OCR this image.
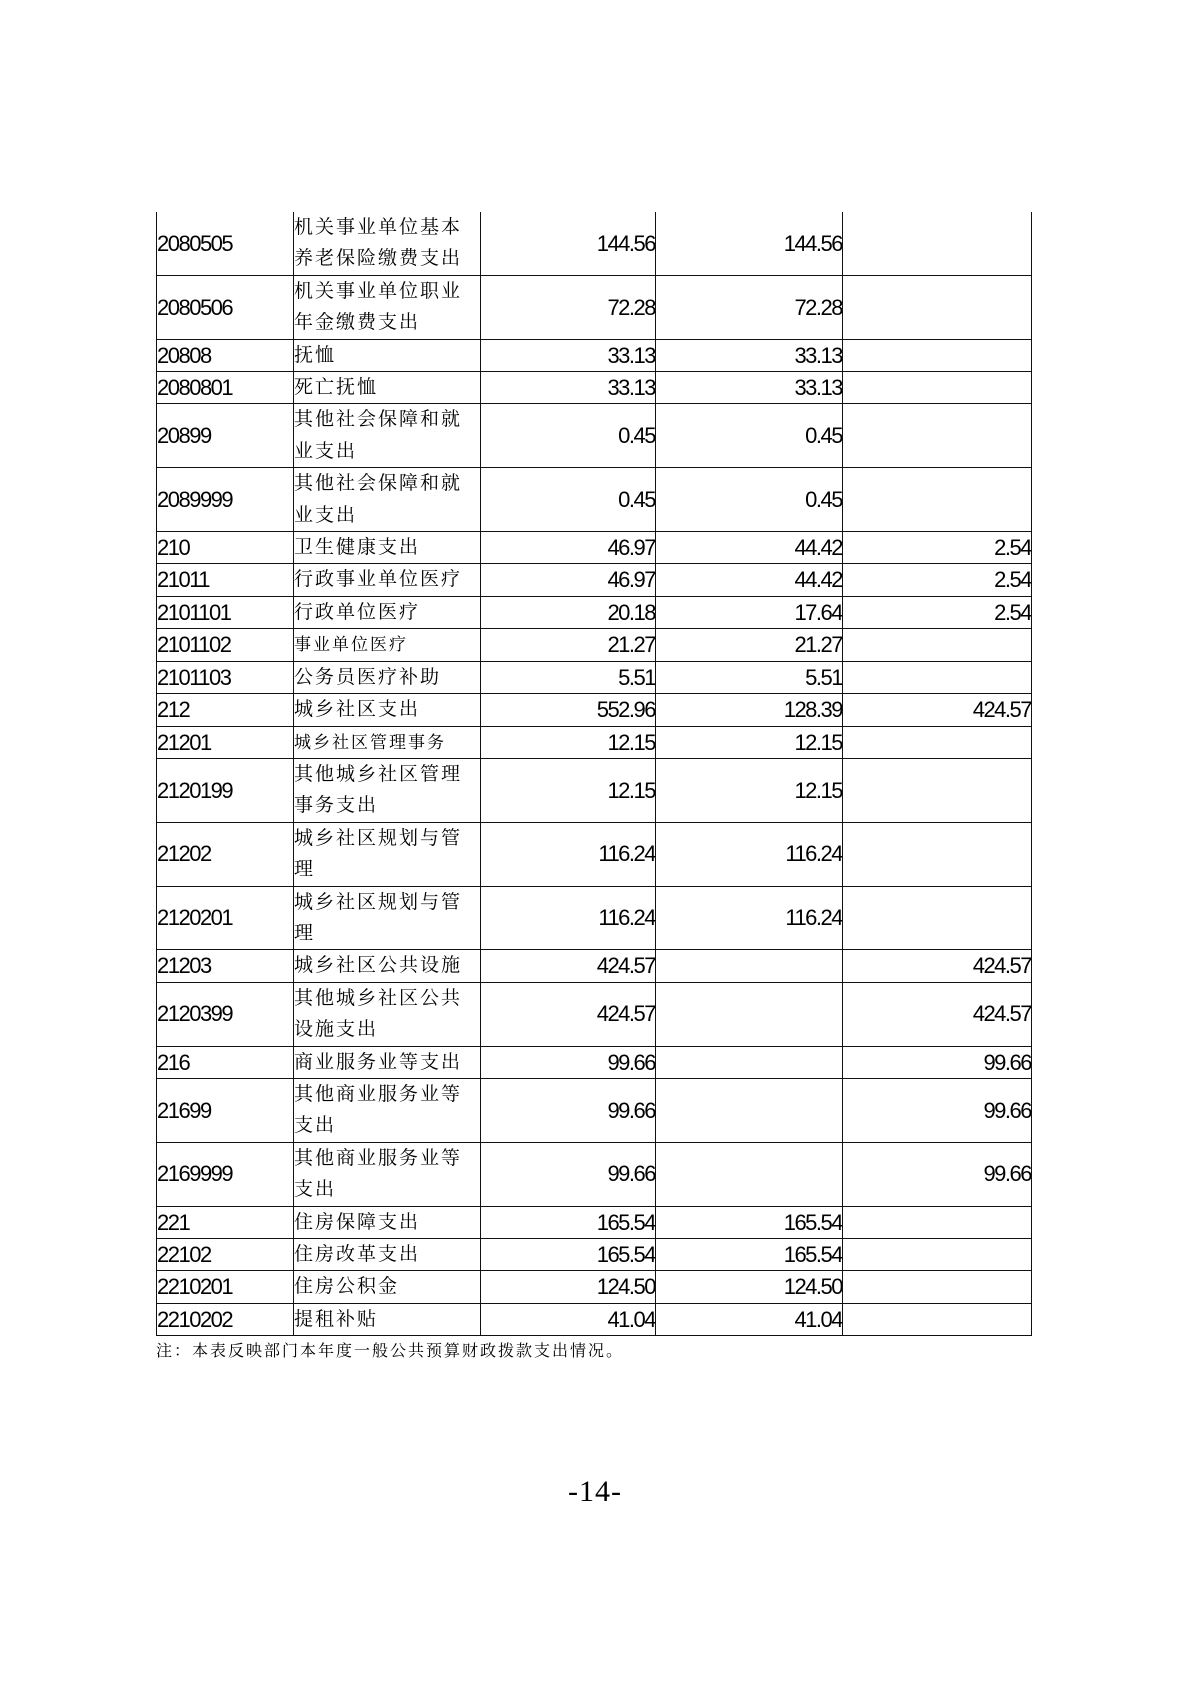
2080505	机关事业单位基本养老保险缴费支出	144.56	144.56	
2080506	机关事业单位职业年金缴费支出	72.28	72.28	
20808	抚恤	33.13	33.13	
2080801	死亡抚恤	33.13	33.13	
20899	其他社会保障和就业支出	0.45	0.45	
2089999	其他社会保障和就业支出	0.45	0.45	
210	卫生健康支出	46.97	44.42	2.54
21011	行政事业单位医疗	46.97	44.42	2.54
2101101	行政单位医疗	20.18	17.64	2.54
2101102	事业单位医疗	21.27	21.27	
2101103	公务员医疗补助	5.51	5.51	
212	城乡社区支出	552.96	128.39	424.57
21201	城乡社区管理事务	12.15	12.15	
2120199	其他城乡社区管理事务支出	12.15	12.15	
21202	城乡社区规划与管理	116.24	116.24	
2120201	城乡社区规划与管理	116.24	116.24	
21203	城乡社区公共设施	424.57		424.57
2120399	其他城乡社区公共设施支出	424.57		424.57
216	商业服务业等支出	99.66		99.66
21699	其他商业服务业等支出	99.66		99.66
2169999	其他商业服务业等支出	99.66		99.66
221	住房保障支出	165.54	165.54	
22102	住房改革支出	165.54	165.54	
2210201	住房公积金	124.50	124.50	
2210202	提租补贴	41.04	41.04	
注：本表反映部门本年度一般公共预算财政拨款支出情况。
-14-
